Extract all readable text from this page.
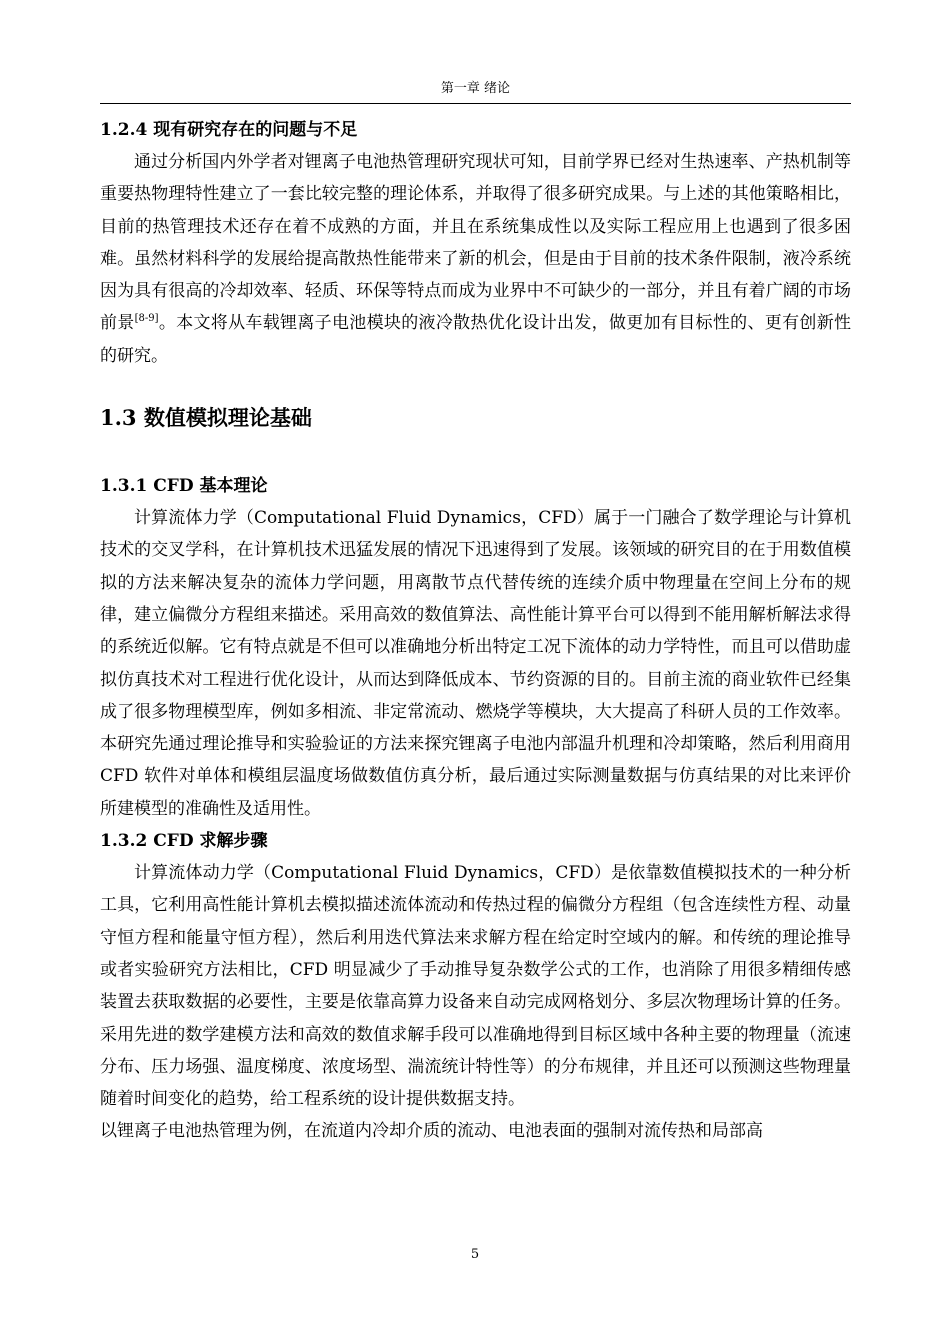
第一章 绪论
1.2.4 现有研究存在的问题与不足

通过分析国内外学者对锂离子电池热管理研究现状可知，目前学界已经对生热速率、产热机制等重要热物理特性建立了一套比较完整的理论体系，并取得了很多研究成果。与上述的其他策略相比，目前的热管理技术还存在着不成熟的方面，并且在系统集成性以及实际工程应用上也遇到了很多困难。虽然材料科学的发展给提高散热性能带来了新的机会，但是由于目前的技术条件限制，液冷系统因为具有很高的冷却效率、轻质、环保等特点而成为业界中不可缺少的一部分，并且有着广阔的市场前景[8-9]。本文将从车载锂离子电池模块的液冷散热优化设计出发，做更加有目标性的、更有创新性的研究。

1.3 数值模拟理论基础
1.3.1 CFD 基本理论

计算流体力学（Computational Fluid Dynamics，CFD）属于一门融合了数学理论与计算机技术的交叉学科，在计算机技术迅猛发展的情况下迅速得到了发展。该领域的研究目的在于用数值模拟的方法来解决复杂的流体力学问题，用离散节点代替传统的连续介质中物理量在空间上分布的规律，建立偏微分方程组来描述。采用高效的数值算法、高性能计算平台可以得到不能用解析解法求得的系统近似解。它有特点就是不但可以准确地分析出特定工况下流体的动力学特性，而且可以借助虚拟仿真技术对工程进行优化设计，从而达到降低成本、节约资源的目的。目前主流的商业软件已经集成了很多物理模型库，例如多相流、非定常流动、燃烧学等模块，大大提高了科研人员的工作效率。本研究先通过理论推导和实验验证的方法来探究锂离子电池内部温升机理和冷却策略，然后利用商用 CFD 软件对单体和模组层温度场做数值仿真分析，最后通过实际测量数据与仿真结果的对比来评价所建模型的准确性及适用性。

1.3.2 CFD 求解步骤

计算流体动力学（Computational Fluid Dynamics，CFD）是依靠数值模拟技术的一种分析工具，它利用高性能计算机去模拟描述流体流动和传热过程的偏微分方程组（包含连续性方程、动量守恒方程和能量守恒方程），然后利用迭代算法来求解方程在给定时空域内的解。和传统的理论推导或者实验研究方法相比，CFD 明显减少了手动推导复杂数学公式的工作，也消除了用很多精细传感装置去获取数据的必要性，主要是依靠高算力设备来自动完成网格划分、多层次物理场计算的任务。采用先进的数学建模方法和高效的数值求解手段可以准确地得到目标区域中各种主要的物理量（流速分布、压力场强、温度梯度、浓度场型、湍流统计特性等）的分布规律，并且还可以预测这些物理量随着时间变化的趋势，给工程系统的设计提供数据支持。

以锂离子电池热管理为例，在流道内冷却介质的流动、电池表面的强制对流传热和局部高

5
